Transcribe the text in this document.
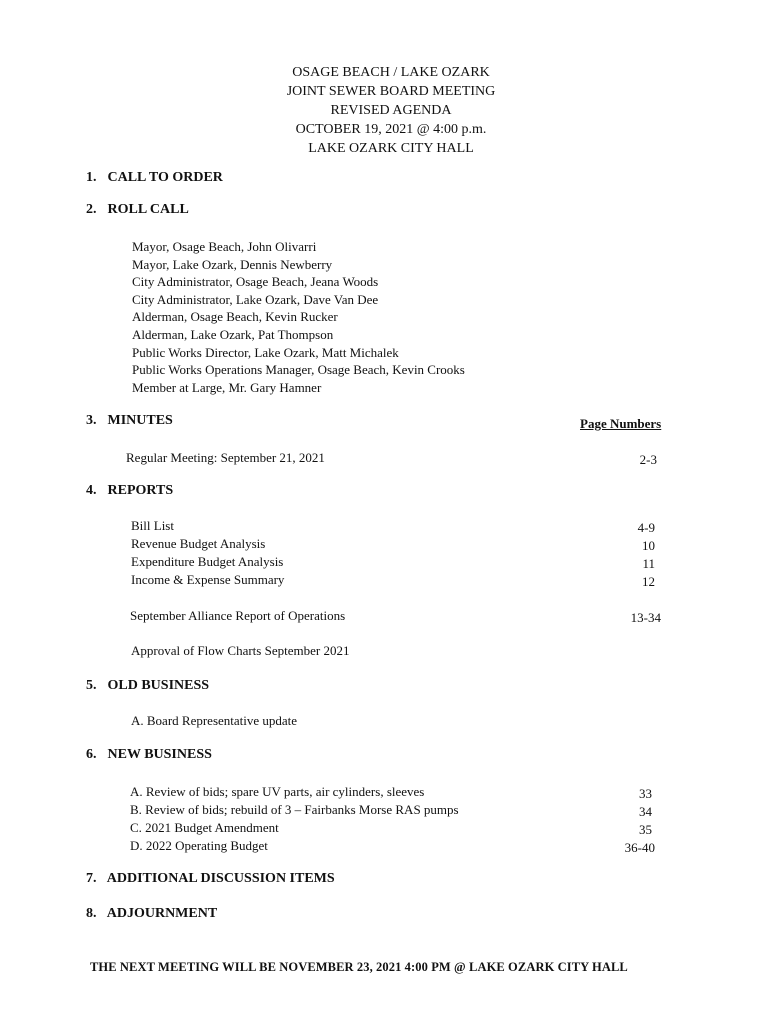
OSAGE BEACH / LAKE OZARK
JOINT SEWER BOARD MEETING
REVISED AGENDA
OCTOBER 19, 2021 @ 4:00 p.m.
LAKE OZARK CITY HALL
1. CALL TO ORDER
2. ROLL CALL
Mayor, Osage Beach, John Olivarri
Mayor, Lake Ozark, Dennis Newberry
City Administrator, Osage Beach, Jeana Woods
City Administrator, Lake Ozark, Dave Van Dee
Alderman, Osage Beach, Kevin Rucker
Alderman, Lake Ozark, Pat Thompson
Public Works Director, Lake Ozark, Matt Michalek
Public Works Operations Manager, Osage Beach, Kevin Crooks
Member at Large, Mr. Gary Hamner
3. MINUTES	Page Numbers
Regular Meeting: September 21, 2021	2-3
4. REPORTS
Bill List	4-9
Revenue Budget Analysis	10
Expenditure Budget Analysis	11
Income & Expense Summary	12
September Alliance Report of Operations	13-34
Approval of Flow Charts September 2021
5. OLD BUSINESS
A. Board Representative update
6. NEW BUSINESS
A. Review of bids; spare UV parts, air cylinders, sleeves	33
B. Review of bids; rebuild of 3 – Fairbanks Morse RAS pumps	34
C. 2021 Budget Amendment	35
D. 2022 Operating Budget	36-40
7. ADDITIONAL DISCUSSION ITEMS
8. ADJOURNMENT
THE NEXT MEETING WILL BE NOVEMBER 23, 2021 4:00 PM @ LAKE OZARK CITY HALL
